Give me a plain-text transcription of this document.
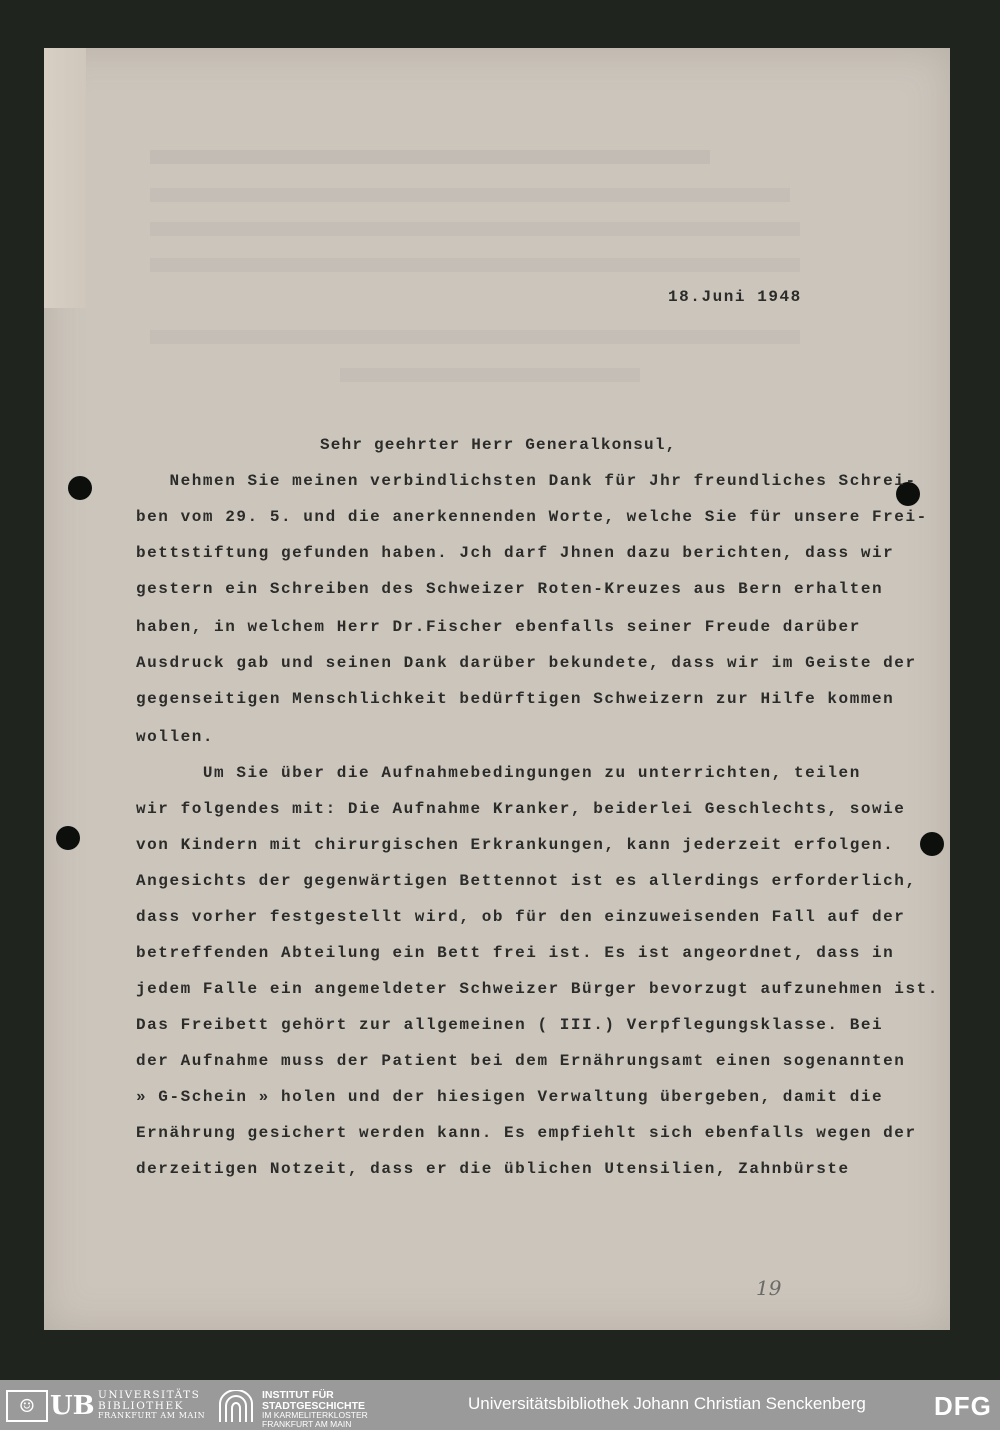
18.Juni 1948
Sehr geehrter Herr Generalkonsul,
Nehmen Sie meinen verbindlichsten Dank für Jhr freundliches Schrei-
ben vom 29. 5. und die anerkennenden Worte, welche Sie für unsere Frei-
bettstiftung gefunden haben. Jch darf Jhnen dazu berichten, dass wir
gestern ein Schreiben des Schweizer Roten-Kreuzes aus Bern erhalten
haben, in welchem Herr Dr.Fischer ebenfalls seiner Freude darüber
Ausdruck gab und seinen Dank darüber bekundete, dass wir im Geiste der
gegenseitigen Menschlichkeit bedürftigen Schweizern zur Hilfe kommen
wollen.
Um Sie über die Aufnahmebedingungen zu unterrichten, teilen
wir folgendes mit: Die Aufnahme Kranker, beiderlei Geschlechts, sowie
von Kindern mit chirurgischen Erkrankungen, kann jederzeit erfolgen.
Angesichts der gegenwärtigen Bettennot ist es allerdings erforderlich,
dass vorher festgestellt wird, ob für den einzuweisenden Fall auf der
betreffenden Abteilung ein Bett frei ist. Es ist angeordnet, dass in
jedem Falle ein angemeldeter Schweizer Bürger bevorzugt aufzunehmen ist.
Das Freibett gehört zur allgemeinen ( III.) Verpflegungsklasse. Bei
der Aufnahme muss der Patient bei dem Ernährungsamt einen sogenannten
» G-Schein » holen und der hiesigen Verwaltung übergeben, damit die
Ernährung gesichert werden kann. Es empfiehlt sich ebenfalls wegen der
derzeitigen Notzeit, dass er die üblichen Utensilien, Zahnbürste
19
☺ UB UNIVERSITÄTS
BIBLIOTHEK
FRANKFURT AM MAIN
INSTITUT FÜR
STADTGESCHICHTE
IM KARMELITERKLOSTER
FRANKFURT AM MAIN
Universitätsbibliothek Johann Christian Senckenberg	DFG
